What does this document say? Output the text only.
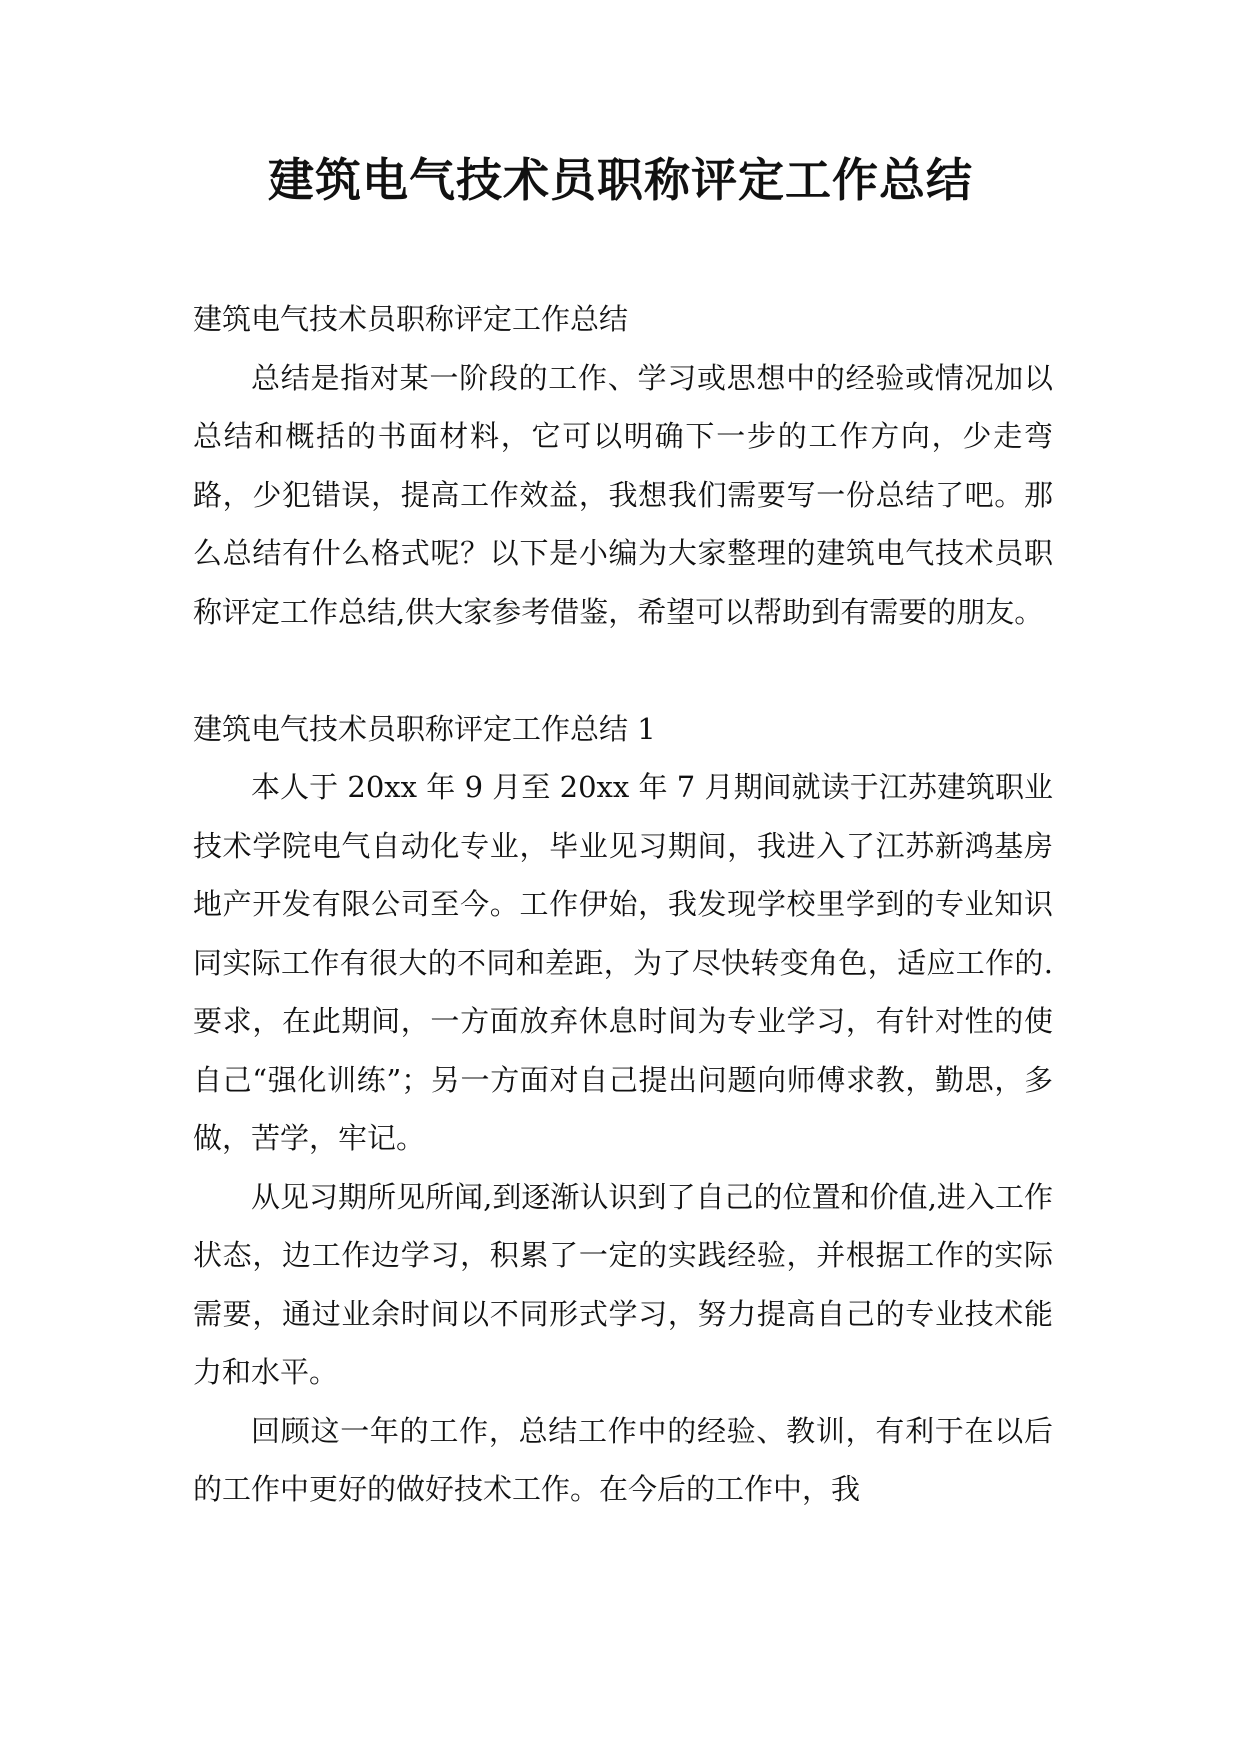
建筑电气技术员职称评定工作总结

建筑电气技术员职称评定工作总结

总结是指对某一阶段的工作、学习或思想中的经验或情况加以总结和概括的书面材料，它可以明确下一步的工作方向，少走弯路，少犯错误，提高工作效益，我想我们需要写一份总结了吧。那么总结有什么格式呢？以下是小编为大家整理的建筑电气技术员职称评定工作总结,供大家参考借鉴，希望可以帮助到有需要的朋友。

建筑电气技术员职称评定工作总结 1

本人于 20xx 年 9 月至 20xx 年 7 月期间就读于江苏建筑职业技术学院电气自动化专业，毕业见习期间，我进入了江苏新鸿基房地产开发有限公司至今。工作伊始，我发现学校里学到的专业知识同实际工作有很大的不同和差距，为了尽快转变角色，适应工作的.要求，在此期间，一方面放弃休息时间为专业学习，有针对性的使自己“强化训练”；另一方面对自己提出问题向师傅求教，勤思，多做，苦学，牢记。

从见习期所见所闻,到逐渐认识到了自己的位置和价值,进入工作状态，边工作边学习，积累了一定的实践经验，并根据工作的实际需要，通过业余时间以不同形式学习，努力提高自己的专业技术能力和水平。

回顾这一年的工作，总结工作中的经验、教训，有利于在以后的工作中更好的做好技术工作。在今后的工作中，我
